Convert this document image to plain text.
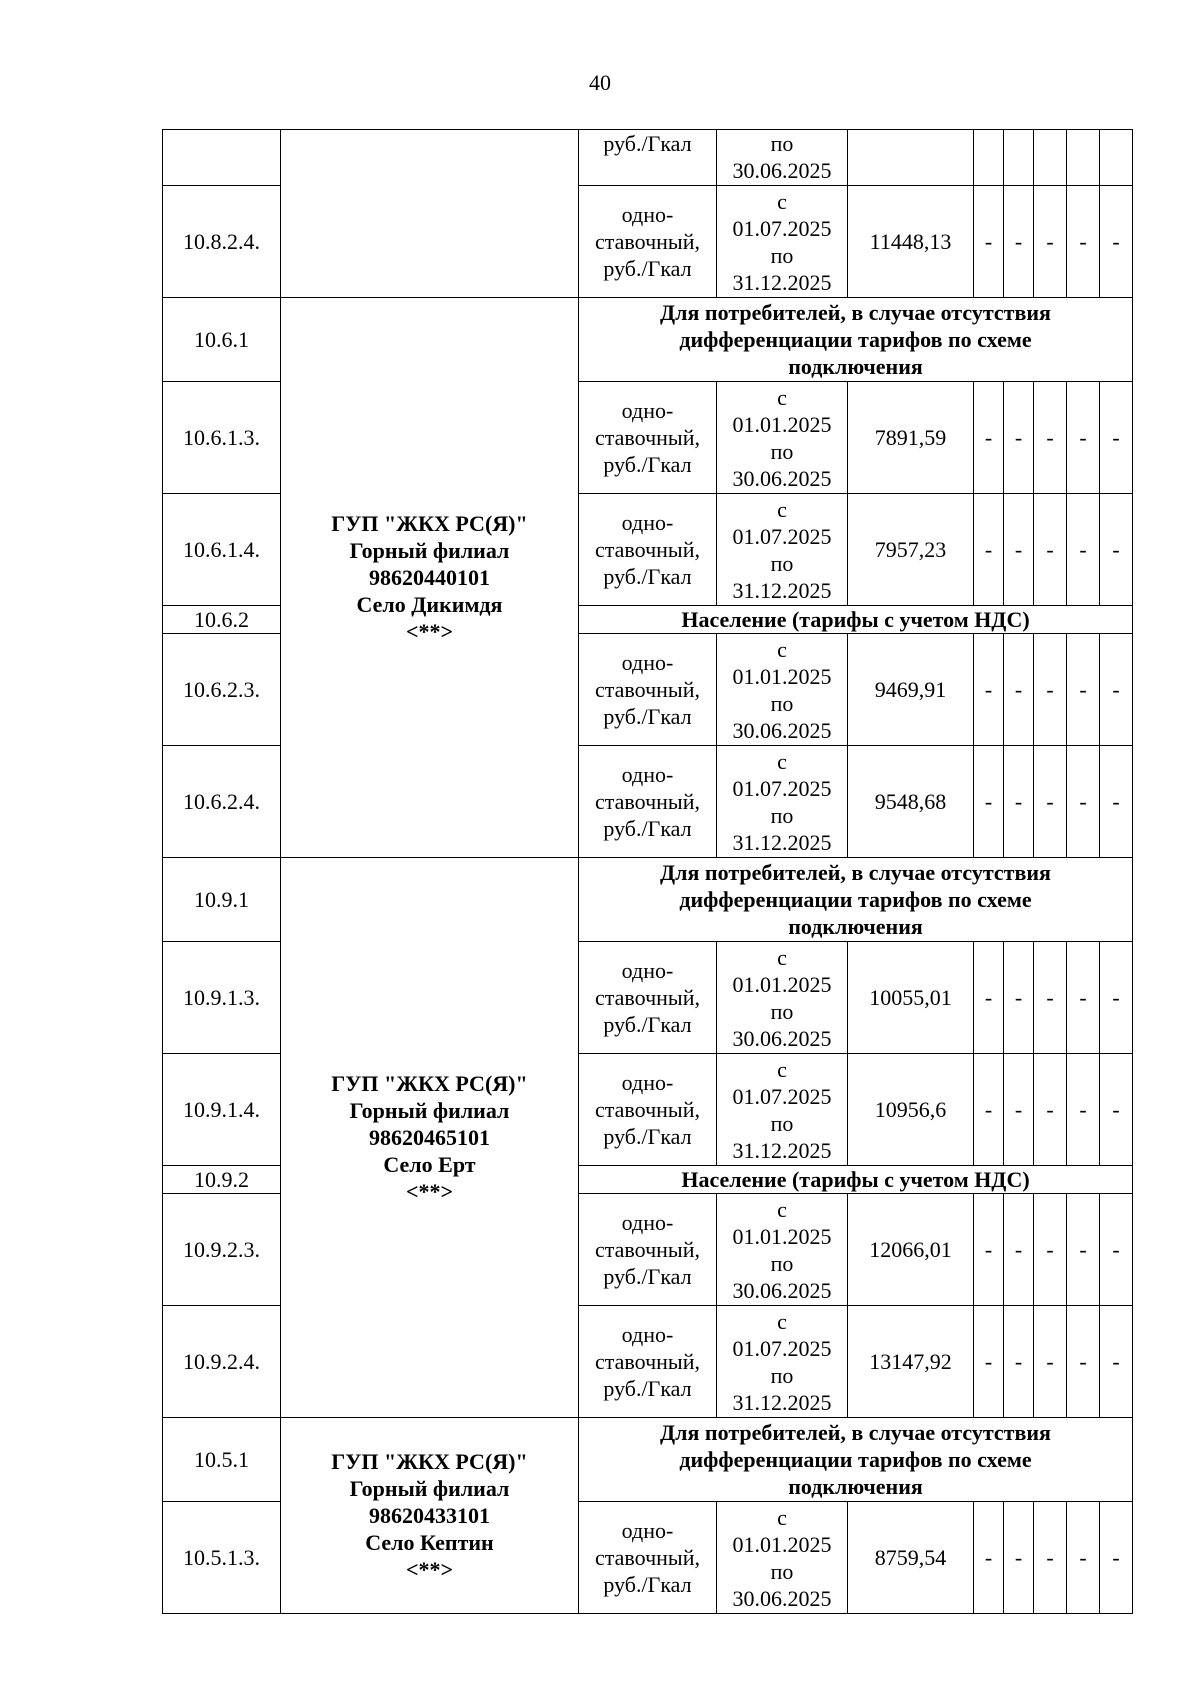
40
		руб./Гкал	по
30.06.2025						
10.8.2.4.		одно-
ставочный,
руб./Гкал	с
01.07.2025
по
31.12.2025	11448,13	-	-	-	-	-
10.6.1	ГУП "ЖКХ РС(Я)"
Горный филиал
98620440101
Село Дикимдя
<**>	Для потребителей, в случае отсутствия
дифференциации тарифов по схеме
подключения							
10.6.1.3.		одно-
ставочный,
руб./Гкал	с
01.01.2025
по
30.06.2025	7891,59	-	-	-	-	-
10.6.1.4.		одно-
ставочный,
руб./Гкал	с
01.07.2025
по
31.12.2025	7957,23	-	-	-	-	-
10.6.2		Население (тарифы с учетом НДС)							
10.6.2.3.		одно-
ставочный,
руб./Гкал	с
01.01.2025
по
30.06.2025	9469,91	-	-	-	-	-
10.6.2.4.		одно-
ставочный,
руб./Гкал	с
01.07.2025
по
31.12.2025	9548,68	-	-	-	-	-
10.9.1	ГУП "ЖКХ РС(Я)"
Горный филиал
98620465101
Село Ерт
<**>	Для потребителей, в случае отсутствия
дифференциации тарифов по схеме
подключения							
10.9.1.3.		одно-
ставочный,
руб./Гкал	с
01.01.2025
по
30.06.2025	10055,01	-	-	-	-	-
10.9.1.4.		одно-
ставочный,
руб./Гкал	с
01.07.2025
по
31.12.2025	10956,6	-	-	-	-	-
10.9.2		Население (тарифы с учетом НДС)							
10.9.2.3.		одно-
ставочный,
руб./Гкал	с
01.01.2025
по
30.06.2025	12066,01	-	-	-	-	-
10.9.2.4.		одно-
ставочный,
руб./Гкал	с
01.07.2025
по
31.12.2025	13147,92	-	-	-	-	-
10.5.1	ГУП "ЖКХ РС(Я)"
Горный филиал
98620433101
Село Кептин
<**>	Для потребителей, в случае отсутствия
дифференциации тарифов по схеме
подключения							
10.5.1.3.		одно-
ставочный,
руб./Гкал	с
01.01.2025
по
30.06.2025	8759,54	-	-	-	-	-
